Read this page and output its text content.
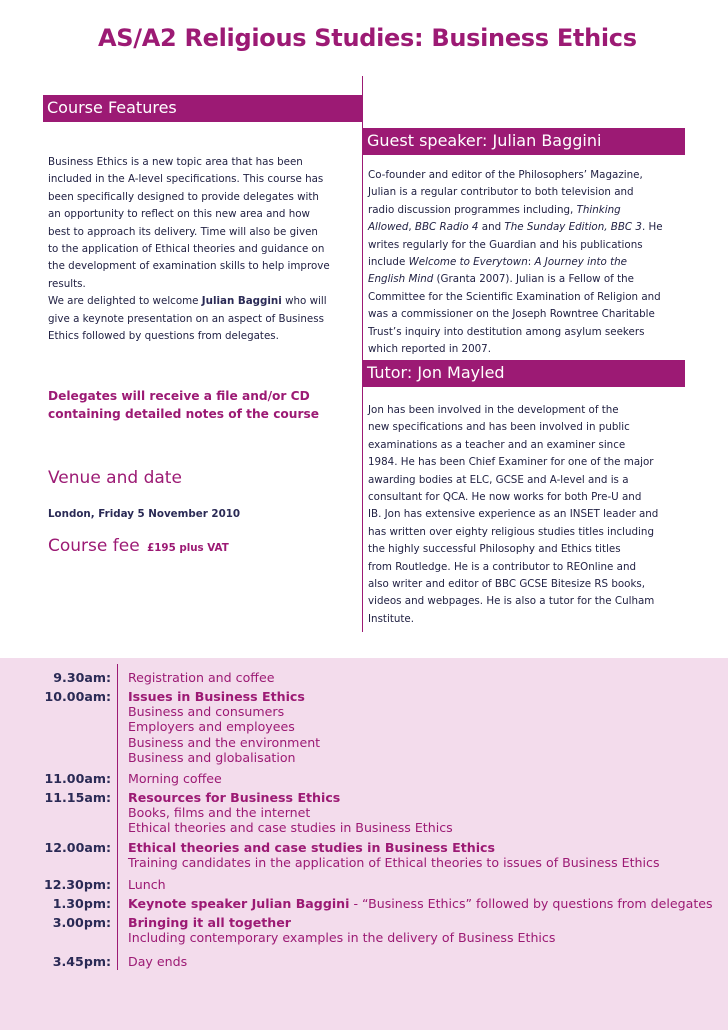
AS/A2 Religious Studies: Business Ethics
Course Features
Business Ethics is a new topic area that has been
included in the A-level specifications. This course has
been specifically designed to provide delegates with
an opportunity to reflect on this new area and how
best to approach its delivery. Time will also be given
to the application of Ethical theories and guidance on
the development of examination skills to help improve
results.
We are delighted to welcome Julian Baggini who will
give a keynote presentation on an aspect of Business
Ethics followed by questions from delegates.
Delegates will receive a file and/or CD
containing detailed notes of the course
Venue and date
London, Friday 5 November 2010
Course fee £195 plus VAT
Guest speaker: Julian Baggini
Co-founder and editor of the Philosophers’ Magazine,
Julian is a regular contributor to both television and
radio discussion programmes including, Thinking
Allowed, BBC Radio 4 and The Sunday Edition, BBC 3. He
writes regularly for the Guardian and his publications
include Welcome to Everytown: A Journey into the
English Mind (Granta 2007). Julian is a Fellow of the
Committee for the Scientific Examination of Religion and
was a commissioner on the Joseph Rowntree Charitable
Trust’s inquiry into destitution among asylum seekers
which reported in 2007.
Tutor: Jon Mayled
Jon has been involved in the development of the
new specifications and has been involved in public
examinations as a teacher and an examiner since
1984. He has been Chief Examiner for one of the major
awarding bodies at ELC, GCSE and A-level and is a
consultant for QCA. He now works for both Pre-U and
IB. Jon has extensive experience as an INSET leader and
has written over eighty religious studies titles including
the highly successful Philosophy and Ethics titles
from Routledge. He is a contributor to REOnline and
also writer and editor of BBC GCSE Bitesize RS books,
videos and webpages. He is also a tutor for the Culham
Institute.
9.30am: Registration and coffee
10.00am: Issues in Business Ethics
Business and consumers
Employers and employees
Business and the environment
Business and globalisation
11.00am: Morning coffee
11.15am: Resources for Business Ethics
Books, films and the internet
Ethical theories and case studies in Business Ethics
12.00am: Ethical theories and case studies in Business Ethics
Training candidates in the application of Ethical theories to issues of Business Ethics
12.30pm: Lunch
1.30pm: Keynote speaker Julian Baggini - “Business Ethics” followed by questions from delegates
3.00pm: Bringing it all together
Including contemporary examples in the delivery of Business Ethics
3.45pm: Day ends
